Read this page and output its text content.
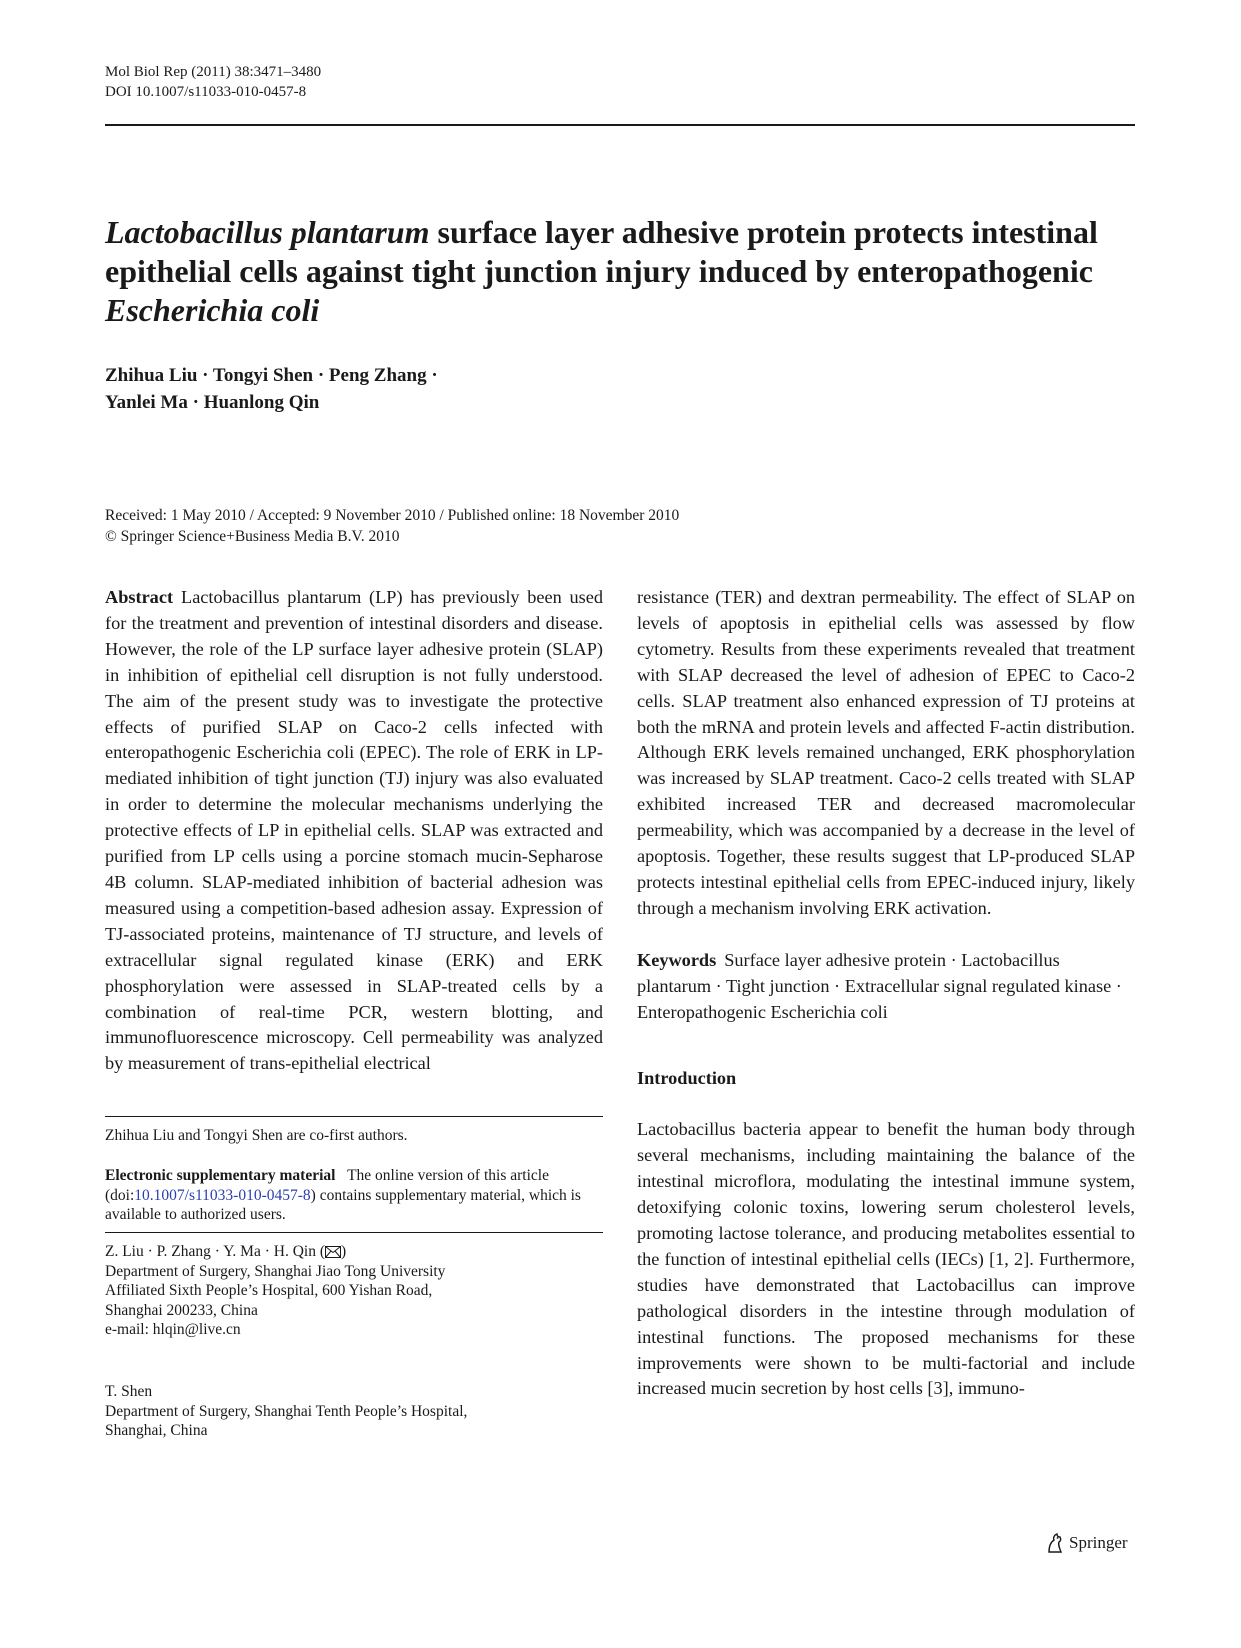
Mol Biol Rep (2011) 38:3471–3480
DOI 10.1007/s11033-010-0457-8
Lactobacillus plantarum surface layer adhesive protein protects intestinal epithelial cells against tight junction injury induced by enteropathogenic Escherichia coli
Zhihua Liu · Tongyi Shen · Peng Zhang ·
Yanlei Ma · Huanlong Qin
Received: 1 May 2010 / Accepted: 9 November 2010 / Published online: 18 November 2010
© Springer Science+Business Media B.V. 2010

Abstract Lactobacillus plantarum (LP) has previously been used for the treatment and prevention of intestinal disorders and disease. However, the role of the LP surface layer adhesive protein (SLAP) in inhibition of epithelial cell disruption is not fully understood. The aim of the present study was to investigate the protective effects of purified SLAP on Caco-2 cells infected with enteropathogenic Escherichia coli (EPEC). The role of ERK in LP-mediated inhibition of tight junction (TJ) injury was also evaluated in order to determine the molecular mechanisms underlying the protective effects of LP in epithelial cells. SLAP was extracted and purified from LP cells using a porcine stomach mucin-Sepharose 4B column. SLAP-mediated inhibition of bacterial adhesion was measured using a competition-based adhesion assay. Expression of TJ-associated proteins, maintenance of TJ structure, and levels of extracellular signal regulated kinase (ERK) and ERK phosphorylation were assessed in SLAP-treated cells by a combination of real-time PCR, western blotting, and immunofluorescence microscopy. Cell permeability was analyzed by measurement of trans-epithelial electrical

Zhihua Liu and Tongyi Shen are co-first authors.
Electronic supplementary material The online version of this article (doi:10.1007/s11033-010-0457-8) contains supplementary material, which is available to authorized users.
Z. Liu · P. Zhang · Y. Ma · H. Qin ( )
Department of Surgery, Shanghai Jiao Tong University
Affiliated Sixth People’s Hospital, 600 Yishan Road,
Shanghai 200233, China
e-mail: hlqin@live.cn
T. Shen
Department of Surgery, Shanghai Tenth People’s Hospital,
Shanghai, China

resistance (TER) and dextran permeability. The effect of SLAP on levels of apoptosis in epithelial cells was assessed by flow cytometry. Results from these experiments revealed that treatment with SLAP decreased the level of adhesion of EPEC to Caco-2 cells. SLAP treatment also enhanced expression of TJ proteins at both the mRNA and protein levels and affected F-actin distribution. Although ERK levels remained unchanged, ERK phosphorylation was increased by SLAP treatment. Caco-2 cells treated with SLAP exhibited increased TER and decreased macromolecular permeability, which was accompanied by a decrease in the level of apoptosis. Together, these results suggest that LP-produced SLAP protects intestinal epithelial cells from EPEC-induced injury, likely through a mechanism involving ERK activation.

Keywords Surface layer adhesive protein · Lactobacillus plantarum · Tight junction · Extracellular signal regulated kinase · Enteropathogenic Escherichia coli

Introduction

Lactobacillus bacteria appear to benefit the human body through several mechanisms, including maintaining the balance of the intestinal microflora, modulating the intestinal immune system, detoxifying colonic toxins, lowering serum cholesterol levels, promoting lactose tolerance, and producing metabolites essential to the function of intestinal epithelial cells (IECs) [1, 2]. Furthermore, studies have demonstrated that Lactobacillus can improve pathological disorders in the intestine through modulation of intestinal functions. The proposed mechanisms for these improvements were shown to be multi-factorial and include increased mucin secretion by host cells [3], immuno-

Springer
